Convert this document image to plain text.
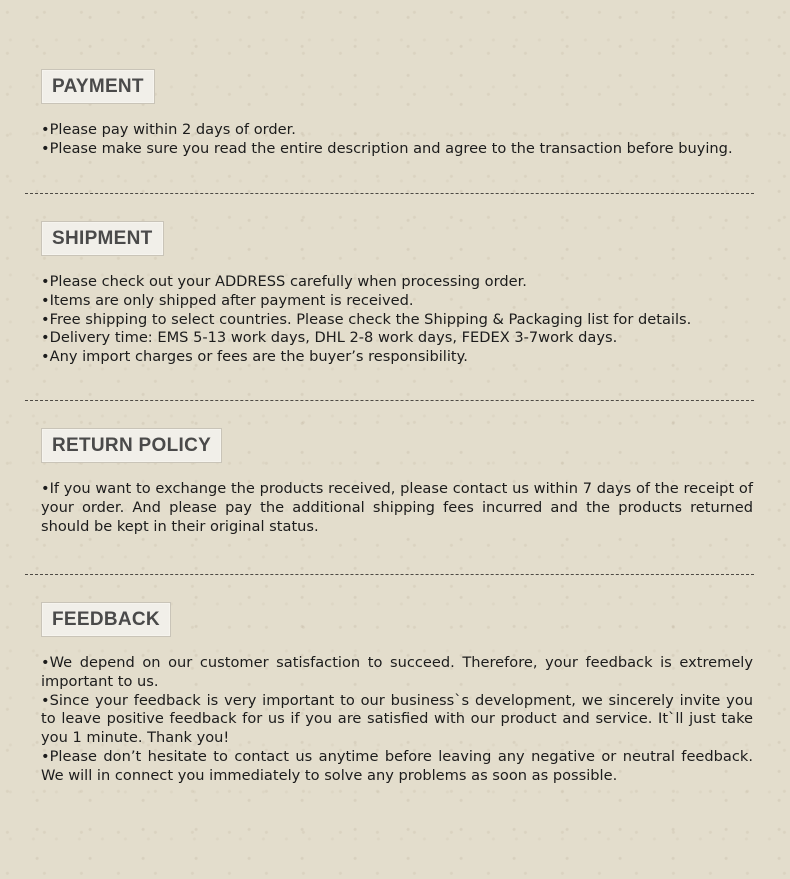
PAYMENT

•Please pay within 2 days of order.

•Please make sure you read the entire description and agree to the transaction before buying.

SHIPMENT

•Please check out your ADDRESS carefully when processing order.

•Items are only shipped after payment is received.

•Free shipping to select countries. Please check the Shipping & Packaging list for details.

•Delivery time: EMS 5-13 work days, DHL 2-8 work days, FEDEX 3-7work days.

•Any import charges or fees are the buyer’s responsibility.

RETURN POLICY

•If you want to exchange the products received, please contact us within 7 days of the receipt of your order. And please pay the additional shipping fees incurred and the products returned should be kept in their original status.

FEEDBACK

•We depend on our customer satisfaction to succeed. Therefore, your feedback is extremely important to us.

•Since your feedback is very important to our business`s development, we sincerely invite you to leave positive feedback for us if you are satisfied with our product and service. It`ll just take you 1 minute. Thank you!

•Please don’t hesitate to contact us anytime before leaving any negative or neutral feedback. We will in connect you immediately to solve any problems as soon as possible.
